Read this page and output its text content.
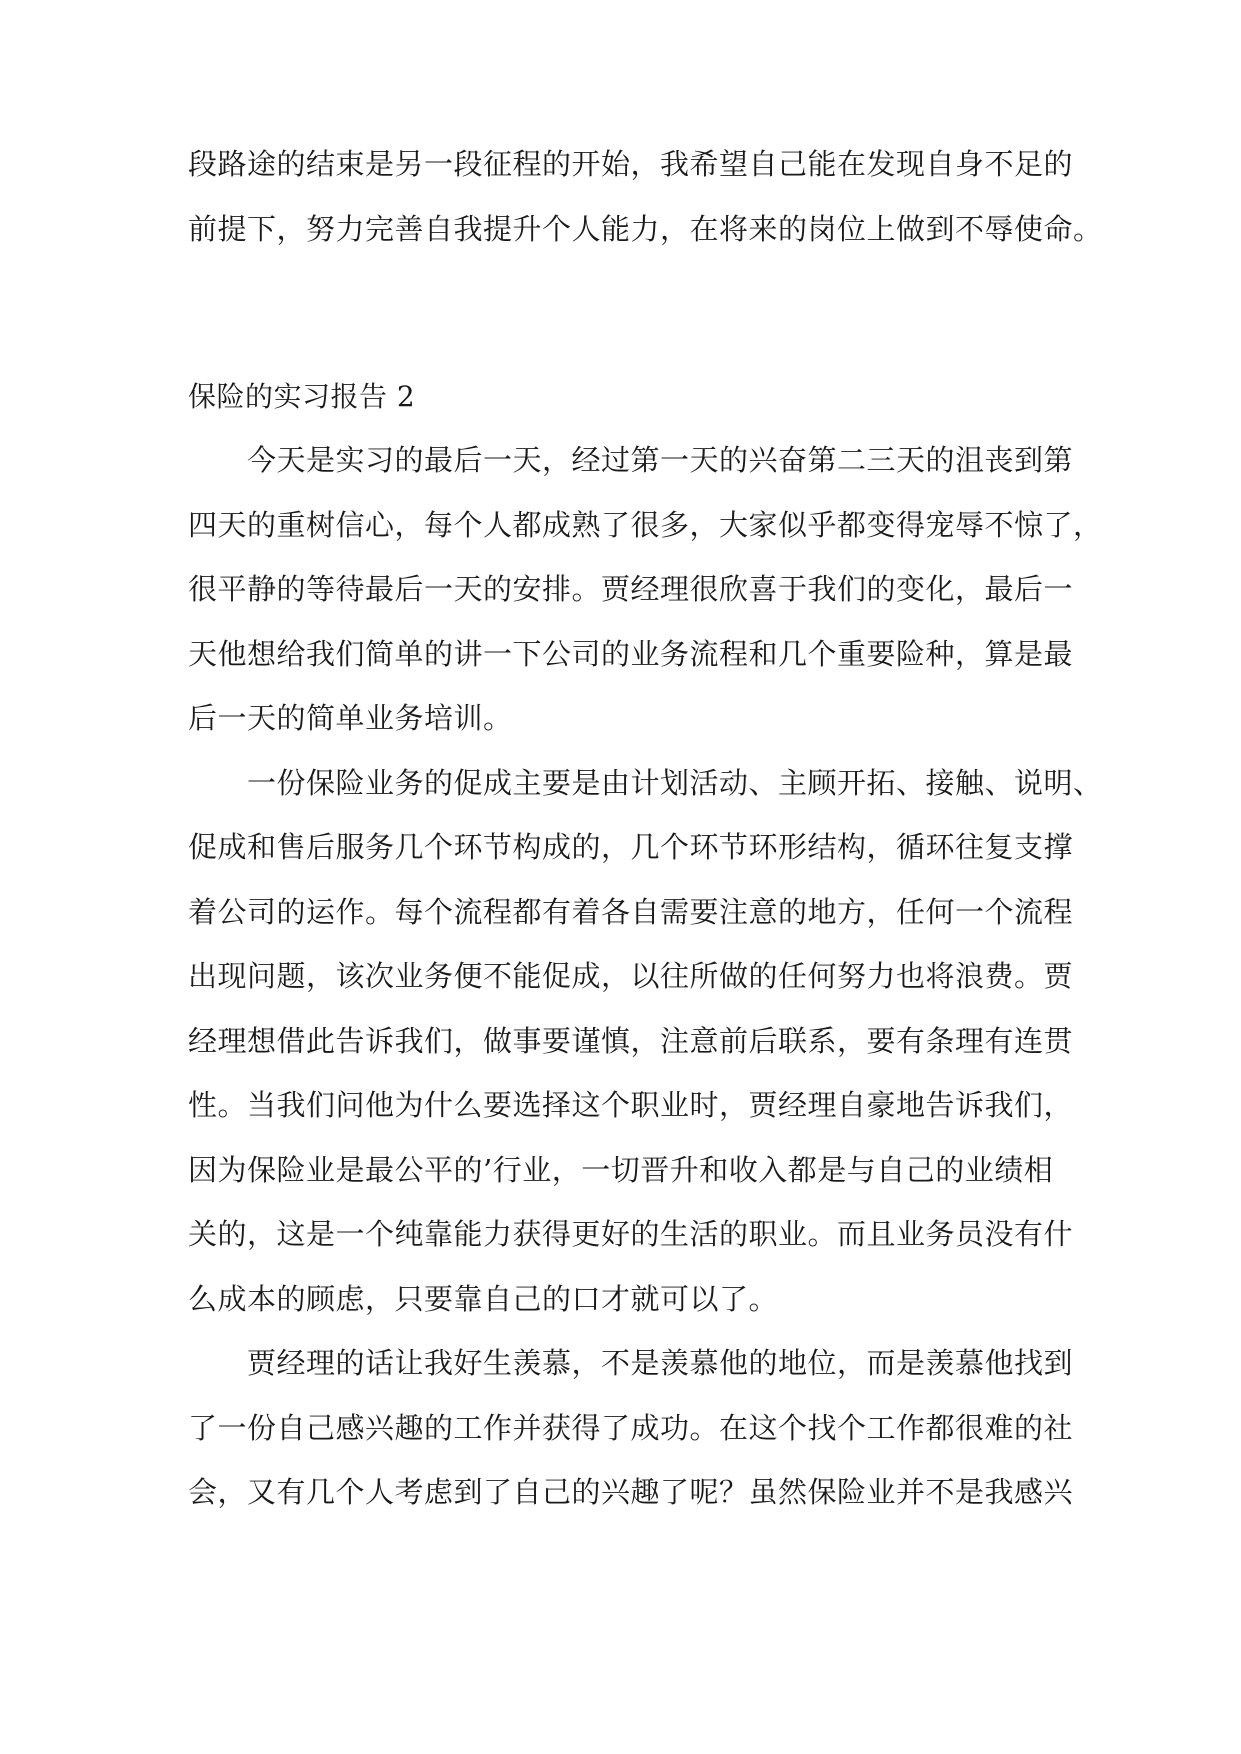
段路途的结束是另一段征程的开始，我希望自己能在发现自身不足的
前提下，努力完善自我提升个人能力，在将来的岗位上做到不辱使命。
保险的实习报告 2
　　今天是实习的最后一天，经过第一天的兴奋第二三天的沮丧到第
四天的重树信心，每个人都成熟了很多，大家似乎都变得宠辱不惊了，
很平静的等待最后一天的安排。贾经理很欣喜于我们的变化，最后一
天他想给我们简单的讲一下公司的业务流程和几个重要险种，算是最
后一天的简单业务培训。
　　一份保险业务的促成主要是由计划活动、主顾开拓、接触、说明、
促成和售后服务几个环节构成的，几个环节环形结构，循环往复支撑
着公司的运作。每个流程都有着各自需要注意的地方，任何一个流程
出现问题，该次业务便不能促成，以往所做的任何努力也将浪费。贾
经理想借此告诉我们，做事要谨慎，注意前后联系，要有条理有连贯
性。当我们问他为什么要选择这个职业时，贾经理自豪地告诉我们，
因为保险业是最公平的’行业，一切晋升和收入都是与自己的业绩相
关的，这是一个纯靠能力获得更好的生活的职业。而且业务员没有什
么成本的顾虑，只要靠自己的口才就可以了。
　　贾经理的话让我好生羡慕，不是羡慕他的地位，而是羡慕他找到
了一份自己感兴趣的工作并获得了成功。在这个找个工作都很难的社
会，又有几个人考虑到了自己的兴趣了呢？虽然保险业并不是我感兴
